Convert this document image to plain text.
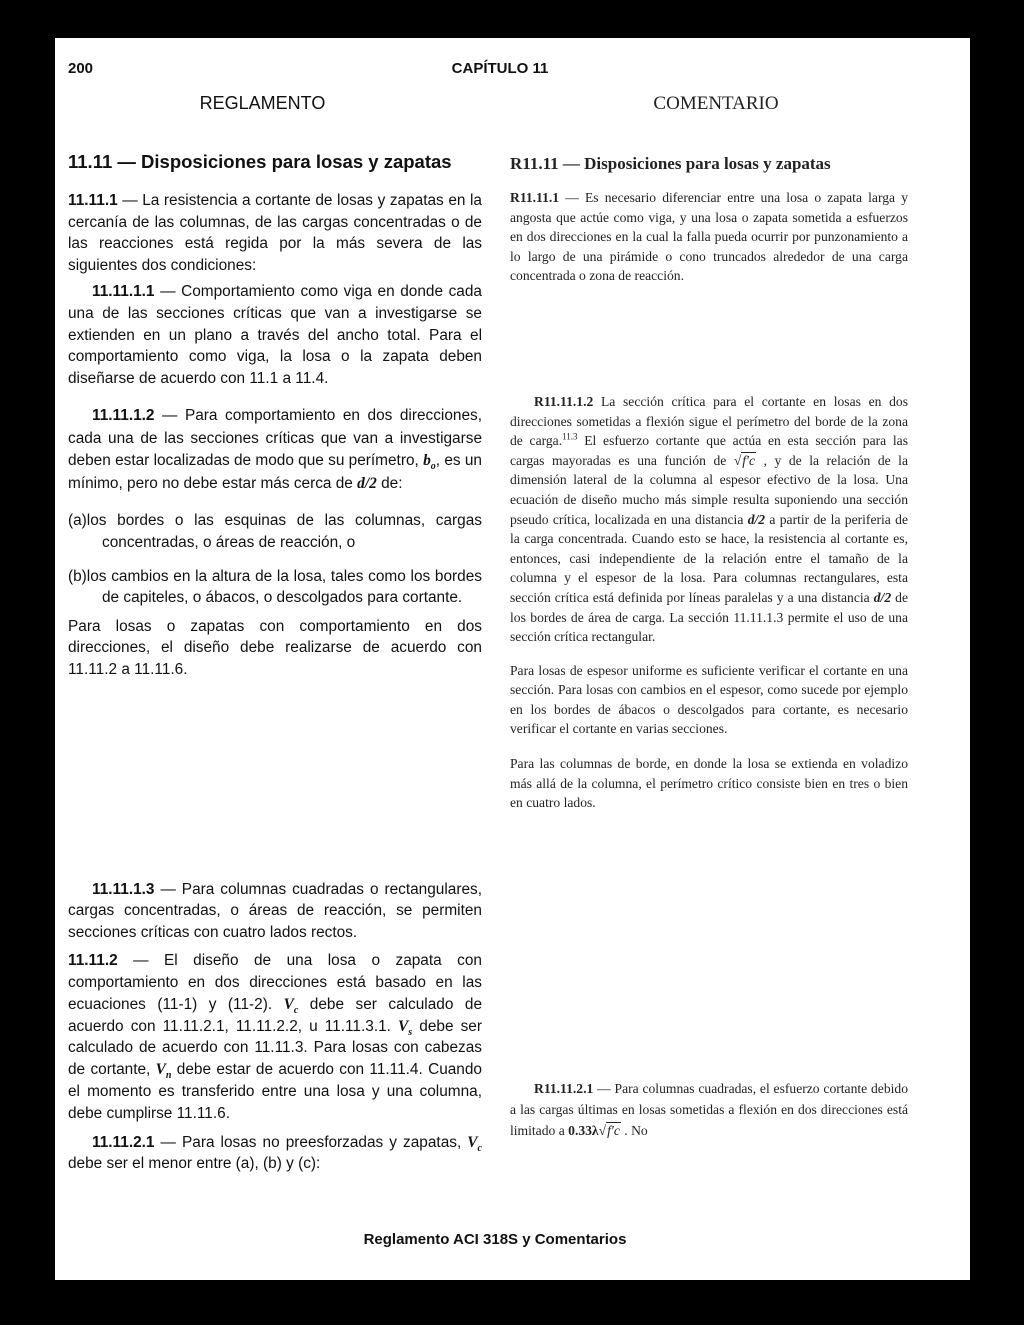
200	CAPÍTULO 11
REGLAMENTO	COMENTARIO
11.11 — Disposiciones para losas y zapatas
11.11.1 — La resistencia a cortante de losas y zapatas en la cercanía de las columnas, de las cargas concentradas o de las reacciones está regida por la más severa de las siguientes dos condiciones:
11.11.1.1 — Comportamiento como viga en donde cada una de las secciones críticas que van a investigarse se extienden en un plano a través del ancho total. Para el comportamiento como viga, la losa o la zapata deben diseñarse de acuerdo con 11.1 a 11.4.
11.11.1.2 — Para comportamiento en dos direcciones, cada una de las secciones críticas que van a investigarse deben estar localizadas de modo que su perímetro, $b_o$, es un mínimo, pero no debe estar más cerca de d/2 de:
(a)los bordes o las esquinas de las columnas, cargas concentradas, o áreas de reacción, o
(b)los cambios en la altura de la losa, tales como los bordes de capiteles, o ábacos, o descolgados para cortante.
Para losas o zapatas con comportamiento en dos direcciones, el diseño debe realizarse de acuerdo con 11.11.2 a 11.11.6.
11.11.1.3 — Para columnas cuadradas o rectangulares, cargas concentradas, o áreas de reacción, se permiten secciones críticas con cuatro lados rectos.
11.11.2 — El diseño de una losa o zapata con comportamiento en dos direcciones está basado en las ecuaciones (11-1) y (11-2). $V_c$ debe ser calculado de acuerdo con 11.11.2.1, 11.11.2.2, u 11.11.3.1. $V_s$ debe ser calculado de acuerdo con 11.11.3. Para losas con cabezas de cortante, $V_n$ debe estar de acuerdo con 11.11.4. Cuando el momento es transferido entre una losa y una columna, debe cumplirse 11.11.6.
11.11.2.1 — Para losas no preesforzadas y zapatas, $V_c$ debe ser el menor entre (a), (b) y (c):
R11.11 — Disposiciones para losas y zapatas
R11.11.1 — Es necesario diferenciar entre una losa o zapata larga y angosta que actúe como viga, y una losa o zapata sometida a esfuerzos en dos direcciones en la cual la falla pueda ocurrir por punzonamiento a lo largo de una pirámide o cono truncados alrededor de una carga concentrada o zona de reacción.
R11.11.1.2 La sección crítica para el cortante en losas en dos direcciones sometidas a flexión sigue el perímetro del borde de la zona de carga.$^{11.3}$ El esfuerzo cortante que actúa en esta sección para las cargas mayoradas es una función de √f′c , y de la relación de la dimensión lateral de la columna al espesor efectivo de la losa. Una ecuación de diseño mucho más simple resulta suponiendo una sección pseudo crítica, localizada en una distancia d/2 a partir de la periferia de la carga concentrada. Cuando esto se hace, la resistencia al cortante es, entonces, casi independiente de la relación entre el tamaño de la columna y el espesor de la losa. Para columnas rectangulares, esta sección crítica está definida por líneas paralelas y a una distancia d/2 de los bordes de área de carga. La sección 11.11.1.3 permite el uso de una sección crítica rectangular.
Para losas de espesor uniforme es suficiente verificar el cortante en una sección. Para losas con cambios en el espesor, como sucede por ejemplo en los bordes de ábacos o descolgados para cortante, es necesario verificar el cortante en varias secciones.
Para las columnas de borde, en donde la losa se extienda en voladizo más allá de la columna, el perímetro crítico consiste bien en tres o bien en cuatro lados.
R11.11.2.1 — Para columnas cuadradas, el esfuerzo cortante debido a las cargas últimas en losas sometidas a flexión en dos direcciones está limitado a 0.33λ√f′c . No
Reglamento ACI 318S y Comentarios
